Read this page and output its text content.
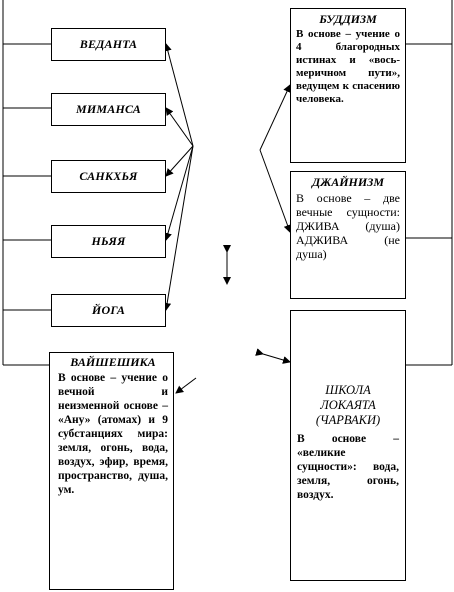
ВЕДАНТА
МИМАНСА
САНКХЬЯ
НЬЯЯ
ЙОГА
ВАЙШЕШИКА
В основе – учение о вечной и неизменной основе – «Ану» (атомах) и 9 субстанциях мира: земля, огонь, вода, воздух, эфир, время, пространство, душа, ум.
БУДДИЗМ
В основе – учение о 4 благородных истинах и «вось-меричном пути», ведущем к спасению человека.
ДЖАЙНИЗМ
В основе – две вечные сущности: ДЖИВА (душа) АДЖИВА (не душа)
ШКОЛА ЛОКАЯТА (ЧАРВАКИ)
В основе – «великие сущности»: вода, земля, огонь, воздух.
